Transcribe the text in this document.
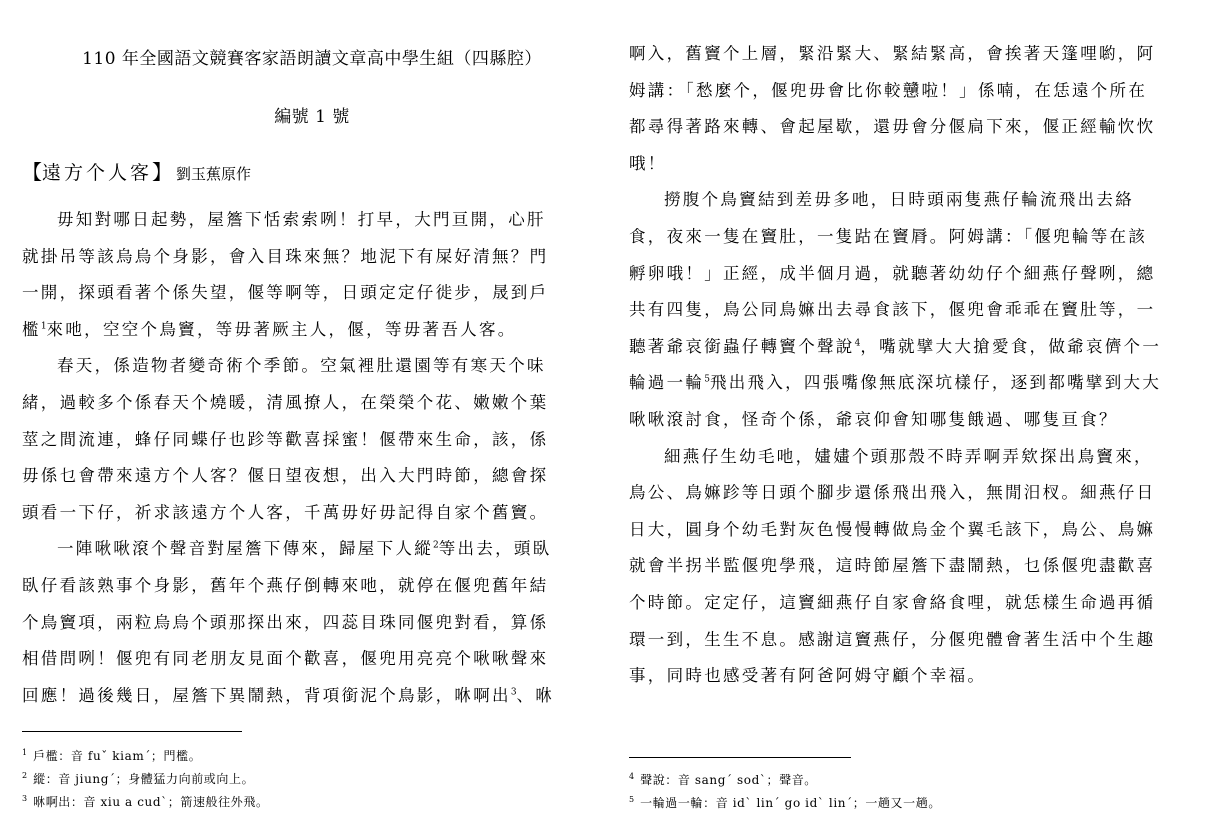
110 年全國語文競賽客家語朗讀文章高中學生組（四縣腔）
編號 1 號
【遠方个人客】 劉玉蕉原作
毋知對哪日起勢，屋簷下恬索索咧！打早，大門亘開，心肝
就掛吊等該烏烏个身影，會入目珠來無？地泥下有屎好清無？門
一開，探頭看著个係失望，偃等啊等，日頭定定仔徙步，晟到戶
檻$^1$來吔，空空个鳥竇，等毋著厥主人，偃，等毋著吾人客。
春天，係造物者變奇術个季節。空氣裡肚還園等有寒天个味
緒，過較多个係春天个燒暖，清風撩人，在榮榮个花、嫩嫩个葉
莖之間流連，蜂仔同蝶仔也跈等歡喜採蜜！偃帶來生命，該，係
毋係乜會帶來遠方个人客？偃日望夜想，出入大門時節，總會探
頭看一下仔，祈求該遠方个人客，千萬毋好毋記得自家个舊竇。
一陣啾啾滾个聲音對屋簷下傳來，歸屋下人縱$^2$等出去，頭臥
臥仔看該熟事个身影，舊年个燕仔倒轉來吔，就停在偃兜舊年結
个鳥竇項，兩粒烏烏个頭那探出來，四蕊目珠同偃兜對看，算係
相借問咧！偃兜有同老朋友見面个歡喜，偃兜用亮亮个啾啾聲來
回應！過後幾日，屋簷下異鬧熱，背項銜泥个鳥影，咻啊出$^3$、咻
$^1$ 戶檻：音 fuˇ kiam´；門檻。
$^2$ 縱：音 jiung´；身體猛力向前或向上。
$^3$ 咻啊出：音 xiu a cud`；箭速般往外飛。
啊入，舊竇个上層，緊沿緊大、緊結緊高，會挨著天篷哩喲，阿
姆講：「愁麼个，偃兜毋會比你較戇啦！」係喃，在恁遠个所在
都尋得著路來轉、會起屋歇，還毋會分偃扃下來，偃正經輸忺忺
哦！
撈腹个鳥竇結到差毋多吔，日時頭兩隻燕仔輪流飛出去絡
食，夜來一隻在竇肚，一隻跍在竇脣。阿姆講：「偃兜輪等在該
孵卵哦！」正經，成半個月過，就聽著幼幼仔个細燕仔聲咧，總
共有四隻，鳥公同鳥嫲出去尋食該下，偃兜會乖乖在竇肚等，一
聽著爺哀銜蟲仔轉竇个聲說$^4$，嘴就擘大大搶愛食，做爺哀儕个一
輪過一輪$^5$飛出飛入，四張嘴像無底深坑樣仔，逐到都嘴擘到大大
啾啾滾討食，怪奇个係，爺哀仰會知哪隻餓過、哪隻亘食？
細燕仔生幼毛吔，嫿嫿个頭那殼不時弄啊弄欸探出鳥竇來，
鳥公、鳥嫲跈等日頭个腳步還係飛出飛入，無閒汨杈。細燕仔日
日大，圓身个幼毛對灰色慢慢轉做烏金个翼毛該下，鳥公、鳥嫲
就會半拐半監偃兜學飛，這時節屋簷下盡鬧熱，乜係偃兜盡歡喜
个時節。定定仔，這竇細燕仔自家會絡食哩，就恁樣生命過再循
環一到，生生不息。感謝這竇燕仔，分偃兜體會著生活中个生趣
事，同時也感受著有阿爸阿姆守顧个幸福。
$^4$ 聲說：音 sang´ sod`；聲音。
$^5$ 一輪過一輪：音 id` lin´ go id` lin´；一趟又一趟。
